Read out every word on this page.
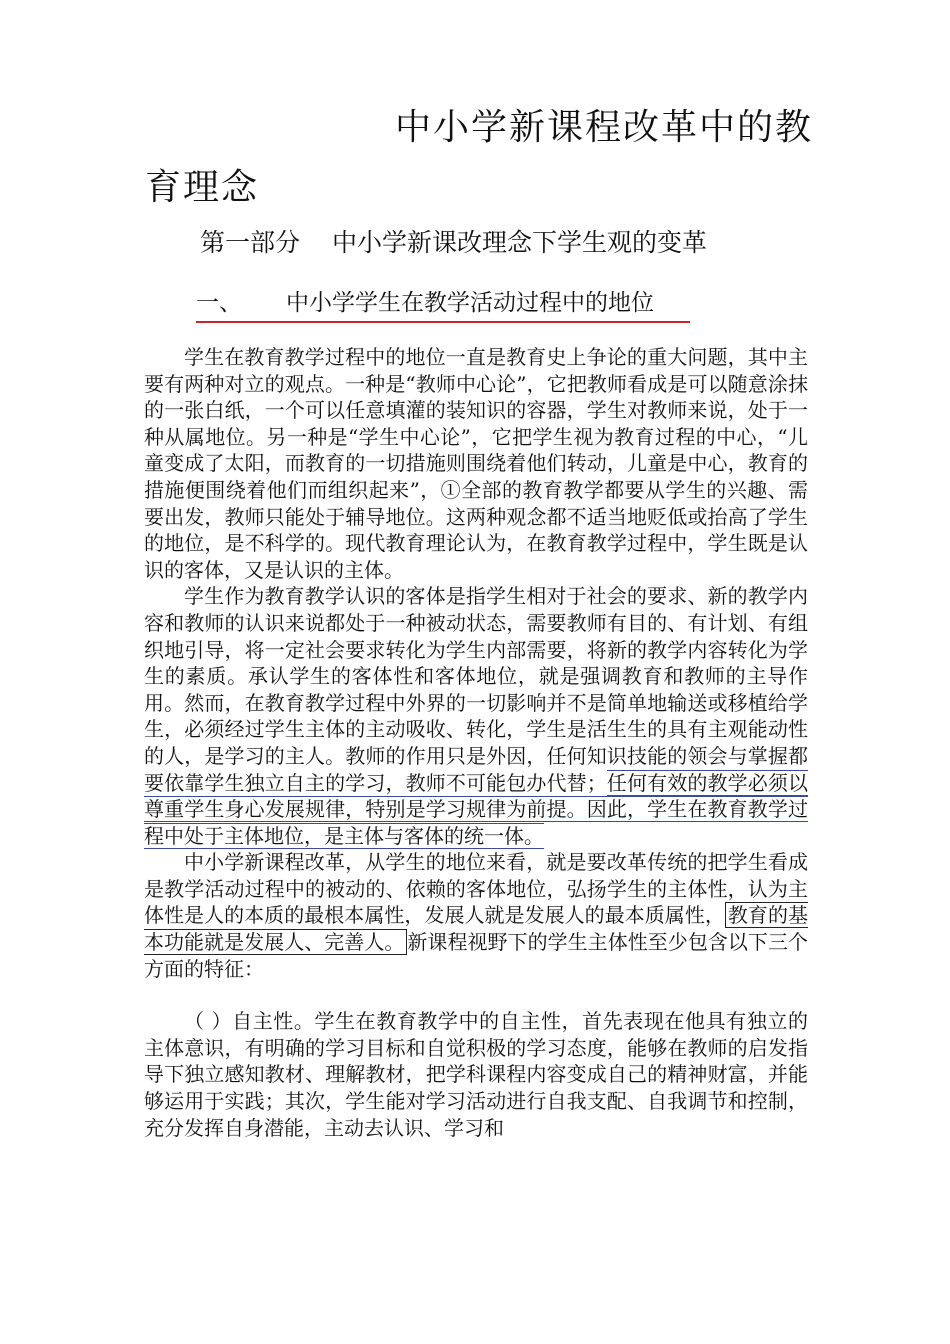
中小学新课程改革中的教
育理念
第一部分 中小学新课改理念下学生观的变革
一、 中小学学生在教学活动过程中的地位

学生在教育教学过程中的地位一直是教育史上争论的重大问题，其中主要有两种对立的观点。一种是“教师中心论”，它把教师看成是可以随意涂抹的一张白纸，一个可以任意填灌的装知识的容器，学生对教师来说，处于一种从属地位。另一种是“学生中心论”，它把学生视为教育过程的中心，“儿童变成了太阳，而教育的一切措施则围绕着他们转动，儿童是中心，教育的措施便围绕着他们而组织起来”，①全部的教育教学都要从学生的兴趣、需要出发，教师只能处于辅导地位。这两种观念都不适当地贬低或抬高了学生的地位，是不科学的。现代教育理论认为，在教育教学过程中，学生既是认识的客体，又是认识的主体。

学生作为教育教学认识的客体是指学生相对于社会的要求、新的教学内容和教师的认识来说都处于一种被动状态，需要教师有目的、有计划、有组织地引导，将一定社会要求转化为学生内部需要，将新的教学内容转化为学生的素质。承认学生的客体性和客体地位，就是强调教育和教师的主导作用。然而，在教育教学过程中外界的一切影响并不是简单地输送或移植给学生，必须经过学生主体的主动吸收、转化，学生是活生生的具有主观能动性的人，是学习的主人。教师的作用只是外因，任何知识技能的领会与掌握都要依靠学生独立自主的学习，教师不可能包办代替；任何有效的教学必须以尊重学生身心发展规律，特别是学习规律为前提。因此，学生在教育教学过程中处于主体地位，是主体与客体的统一体。

中小学新课程改革，从学生的地位来看，就是要改革传统的把学生看成是教学活动过程中的被动的、依赖的客体地位，弘扬学生的主体性，认为主体性是人的本质的最根本属性，发展人就是发展人的最本质属性， 教育的基本功能就是发展人、完善人。 新课程视野下的学生主体性至少包含以下三个方面的特征：

（ ）自主性。学生在教育教学中的自主性，首先表现在他具有独立的主体意识，有明确的学习目标和自觉积极的学习态度，能够在教师的启发指导下独立感知教材、理解教材，把学科课程内容变成自己的精神财富，并能够运用于实践；其次，学生能对学习活动进行自我支配、自我调节和控制，充分发挥自身潜能，主动去认识、学习和
